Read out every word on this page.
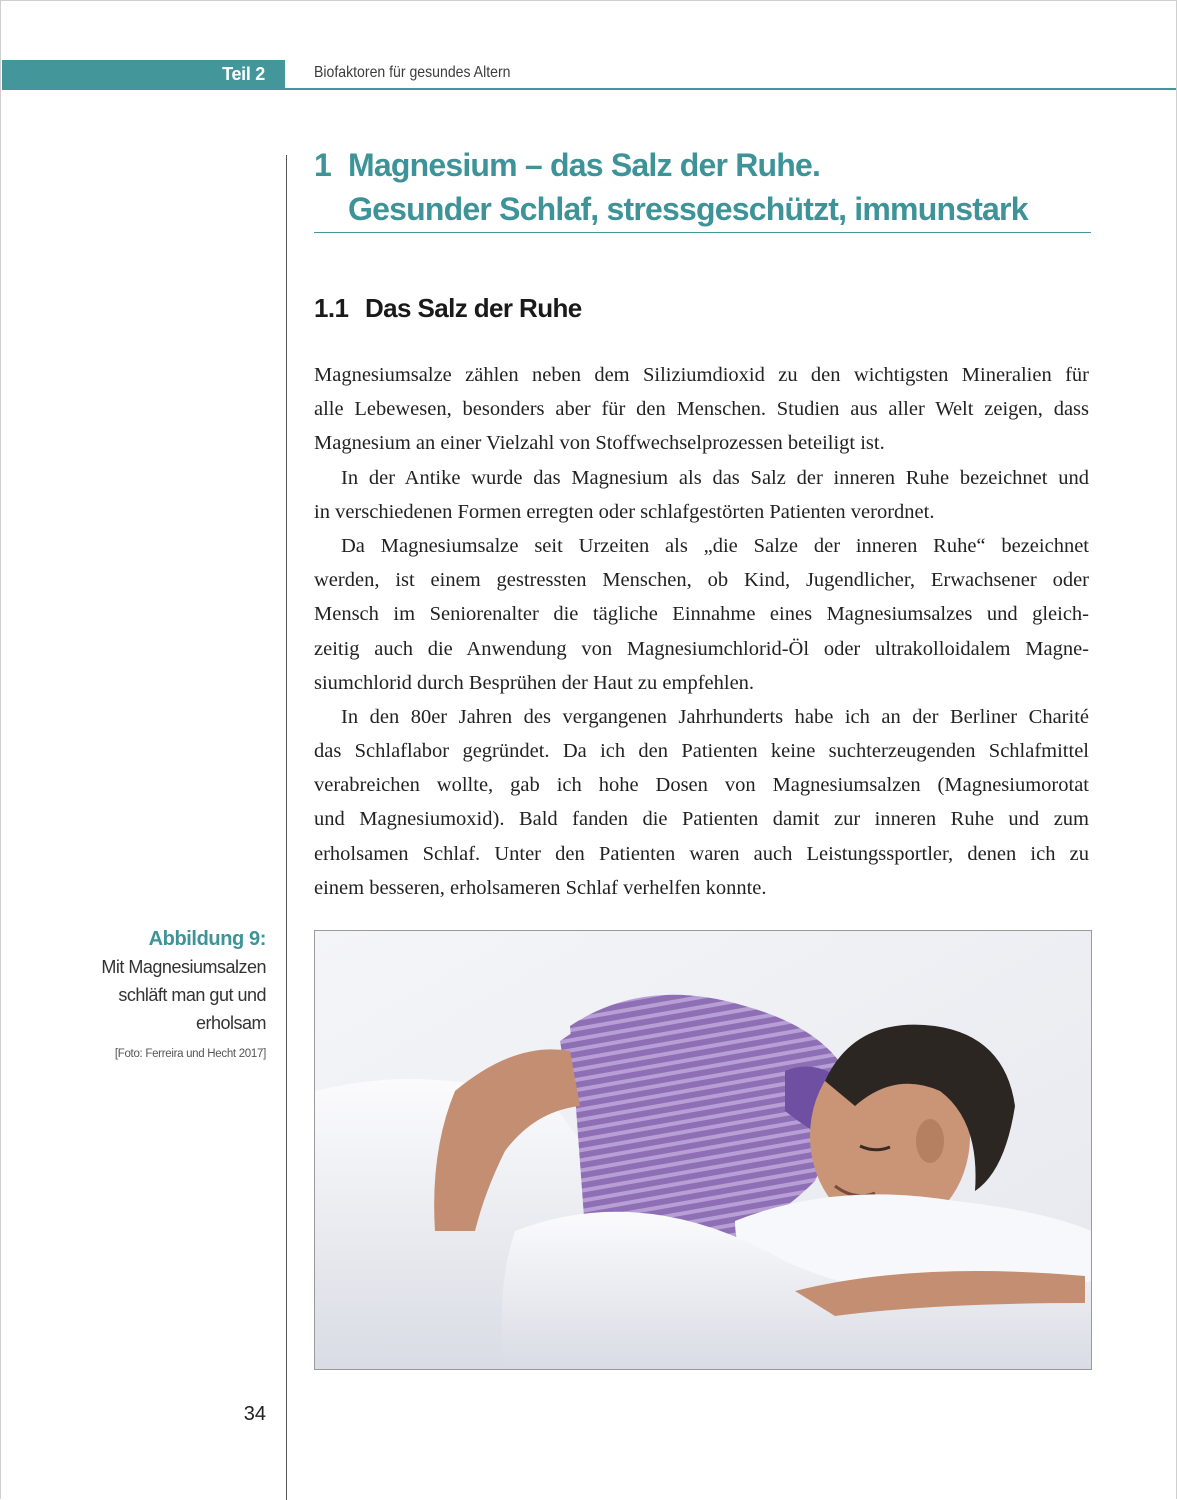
Teil 2	Biofaktoren für gesundes Altern
1 Magnesium – das Salz der Ruhe.
Gesunder Schlaf, stressgeschützt, immunstark
1.1 Das Salz der Ruhe
Magnesiumsalze zählen neben dem Siliziumdioxid zu den wichtigsten Mineralien für
alle Lebewesen, besonders aber für den Menschen. Studien aus aller Welt zeigen, dass
Magnesium an einer Vielzahl von Stoffwechselprozessen beteiligt ist.
In der Antike wurde das Magnesium als das Salz der inneren Ruhe bezeichnet und
in verschiedenen Formen erregten oder schlafgestörten Patienten verordnet.
Da Magnesiumsalze seit Urzeiten als „die Salze der inneren Ruhe“ bezeichnet
werden, ist einem gestressten Menschen, ob Kind, Jugendlicher, Erwachsener oder
Mensch im Seniorenalter die tägliche Einnahme eines Magnesiumsalzes und gleich-
zeitig auch die Anwendung von Magnesiumchlorid-Öl oder ultrakolloidalem Magne-
siumchlorid durch Besprühen der Haut zu empfehlen.
In den 80er Jahren des vergangenen Jahrhunderts habe ich an der Berliner Charité
das Schlaflabor gegründet. Da ich den Patienten keine suchterzeugenden Schlafmittel
verabreichen wollte, gab ich hohe Dosen von Magnesiumsalzen (Magnesiumorotat
und Magnesiumoxid). Bald fanden die Patienten damit zur inneren Ruhe und zum
erholsamen Schlaf. Unter den Patienten waren auch Leistungssportler, denen ich zu
einem besseren, erholsameren Schlaf verhelfen konnte.
Abbildung 9:
Mit Magnesiumsalzen
schläft man gut und
erholsam
[Foto: Ferreira und Hecht 2017]
34
